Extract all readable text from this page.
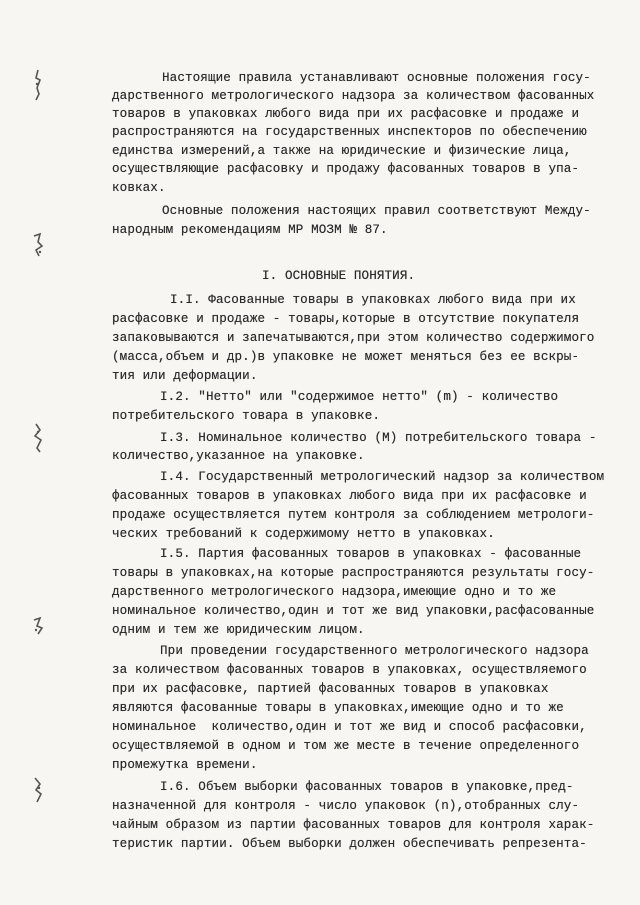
Настоящие правила устанавливают основные положения госу-
дарственного метрологического надзора за количеством фасованных
товаров в упаковках любого вида при их расфасовке и продаже и
распространяются на государственных инспекторов по обеспечению
единства измерений,а также на юридические и физические лица,
осуществляющие расфасовку и продажу фасованных товаров в упа-
ковках.
Основные положения настоящих правил соответствуют Между-
народным рекомендациям МР МОЗМ № 87.
I. ОСНОВНЫЕ ПОНЯТИЯ.
I.I. Фасованные товары в упаковках любого вида при их
расфасовке и продаже - товары,которые в отсутствие покупателя
запаковываются и запечатываются,при этом количество содержимого
(масса,объем и др.)в упаковке не может меняться без ее вскры-
тия или деформации.
I.2. "Нетто" или "содержимое нетто" (m) - количество
потребительского товара в упаковке.
I.3. Номинальное количество (М) потребительского товара -
количество,указанное на упаковке.
I.4. Государственный метрологический надзор за количеством
фасованных товаров в упаковках любого вида при их расфасовке и
продаже осуществляется путем контроля за соблюдением метрологи-
ческих требований к содержимому нетто в упаковках.
I.5. Партия фасованных товаров в упаковках - фасованные
товары в упаковках,на которые распространяются результаты госу-
дарственного метрологического надзора,имеющие одно и то же
номинальное количество,один и тот же вид упаковки,расфасованные
одним и тем же юридическим лицом.
При проведении государственного метрологического надзора
за количеством фасованных товаров в упаковках, осуществляемого
при их расфасовке, партией фасованных товаров в упаковках
являются фасованные товары в упаковках,имеющие одно и то же
номинальное  количество,один и тот же вид и способ расфасовки,
осуществляемой в одном и том же месте в течение определенного
промежутка времени.
I.6. Объем выборки фасованных товаров в упаковке,пред-
назначенной для контроля - число упаковок (n),отобранных слу-
чайным образом из партии фасованных товаров для контроля харак-
теристик партии. Объем выборки должен обеспечивать репрезента-
